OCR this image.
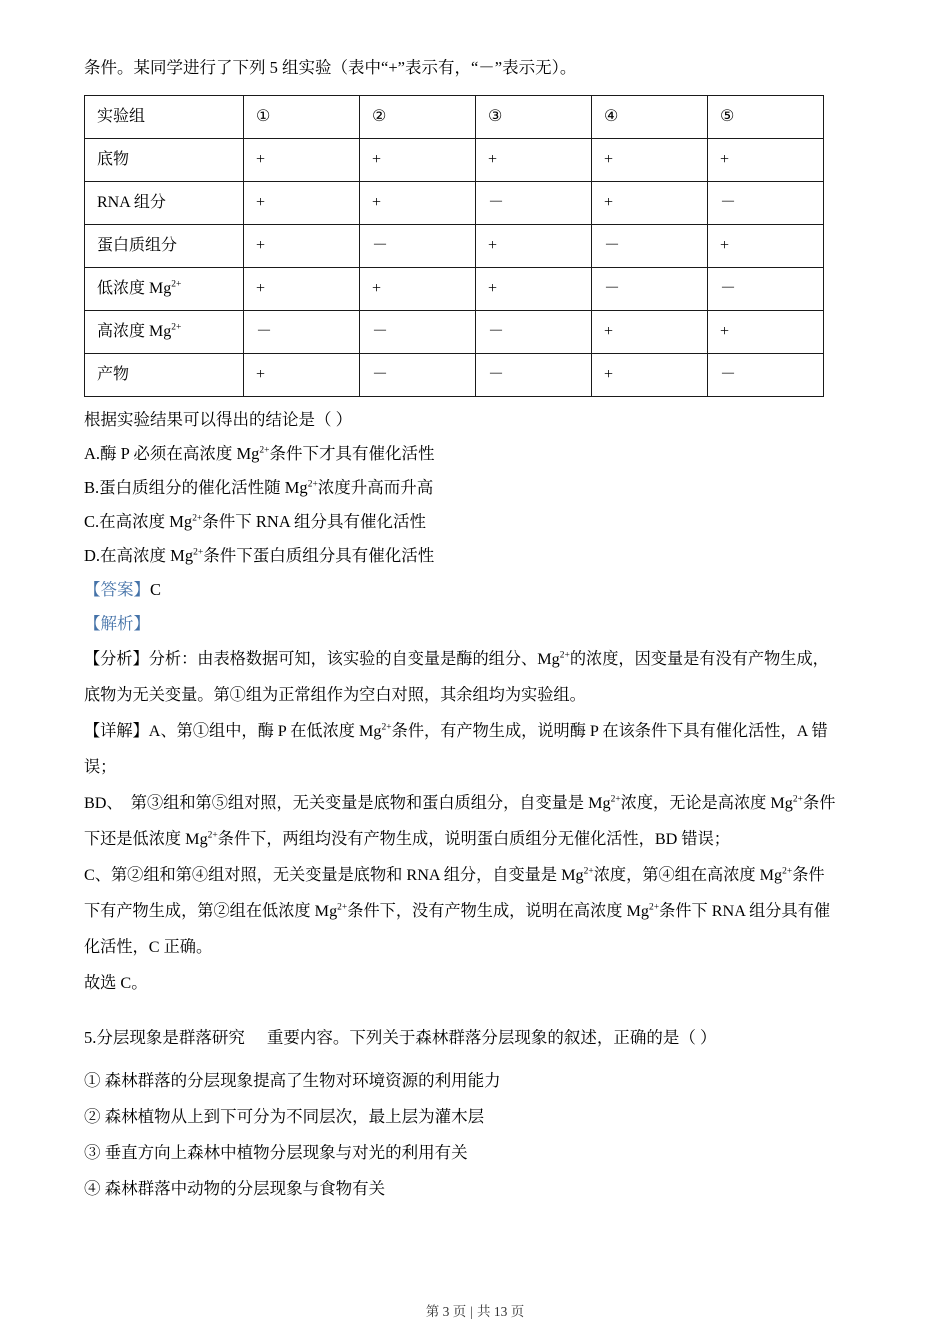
条件。某同学进行了下列 5 组实验（表中“+”表示有，“－”表示无）。

实验组	①	②	③	④	⑤
底物	+	+	+	+	+
RNA 组分	+	+	－	+	－
蛋白质组分	+	－	+	－	+
低浓度 $Mg^{2+}$	+	+	+	－	－
高浓度 $Mg^{2+}$	－	－	－	+	+
产物	+	－	－	+	－

根据实验结果可以得出的结论是（ ）

A.酶 P 必须在高浓度 $Mg^{2+}$条件下才具有催化活性

B.蛋白质组分的催化活性随 $Mg^{2+}$浓度升高而升高

C.在高浓度 $Mg^{2+}$条件下 RNA 组分具有催化活性

D.在高浓度 $Mg^{2+}$条件下蛋白质组分具有催化活性

【答案】C

【解析】

【分析】分析：由表格数据可知，该实验的自变量是酶的组分、$Mg^{2+}$的浓度，因变量是有没有产物生成，

底物为无关变量。第①组为正常组作为空白对照，其余组均为实验组。

【详解】A、第①组中，酶 P 在低浓度 $Mg^{2+}$条件，有产物生成，说明酶 P 在该条件下具有催化活性，A 错

误；

BD、  第③组和第⑤组对照，无关变量是底物和蛋白质组分，自变量是 $Mg^{2+}$浓度，无论是高浓度 $Mg^{2+}$条件

下还是低浓度 $Mg^{2+}$条件下，两组均没有产物生成，说明蛋白质组分无催化活性，BD 错误；

C、第②组和第④组对照，无关变量是底物和 RNA 组分，自变量是 $Mg^{2+}$浓度，第④组在高浓度 $Mg^{2+}$条件

下有产物生成，第②组在低浓度 $Mg^{2+}$条件下，没有产物生成，说明在高浓度 $Mg^{2+}$条件下 RNA 组分具有催

化活性，C 正确。

故选 C。

5.分层现象是群落研究 重要内容。下列关于森林群落分层现象的叙述，正确的是（ ）

① 森林群落的分层现象提高了生物对环境资源的利用能力

② 森林植物从上到下可分为不同层次，最上层为灌木层

③ 垂直方向上森林中植物分层现象与对光的利用有关

④ 森林群落中动物的分层现象与食物有关

第 3 页 | 共 13 页
